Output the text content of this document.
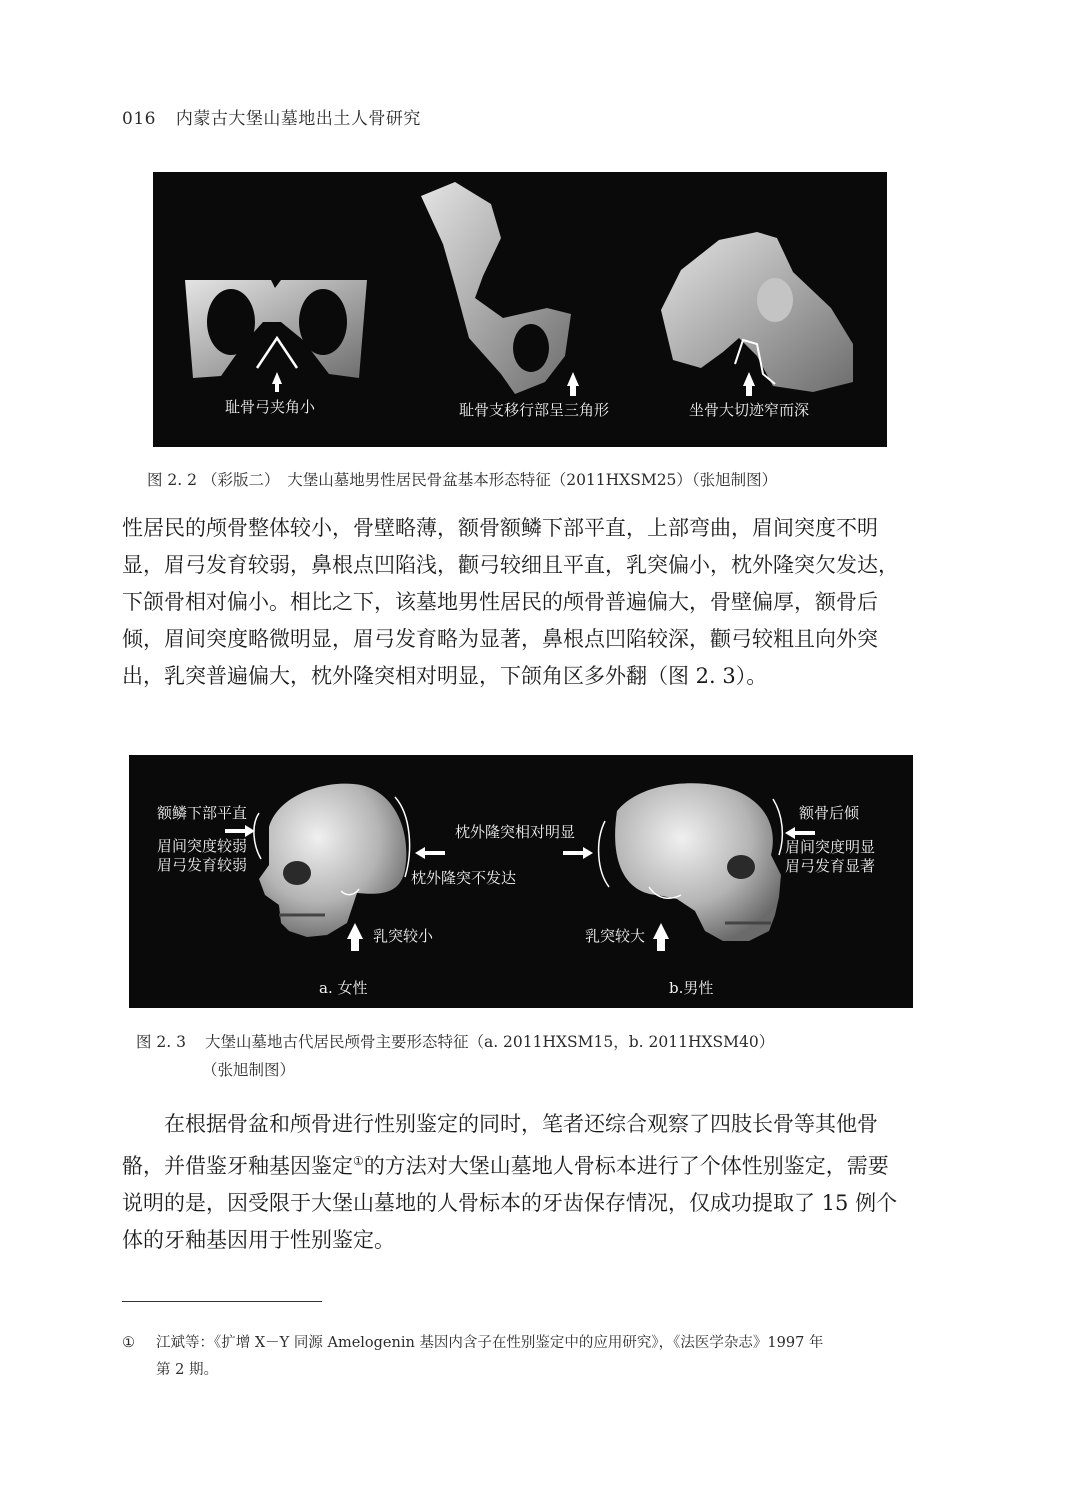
016 内蒙古大堡山墓地出土人骨研究
耻骨弓夹角小	耻骨支移行部呈三角形	坐骨大切迹窄而深
图 2. 2 （彩版二）　大堡山墓地男性居民骨盆基本形态特征（2011HXSM25）（张旭制图）
性居民的颅骨整体较小，骨壁略薄，额骨额鳞下部平直，上部弯曲，眉间突度不明
显，眉弓发育较弱，鼻根点凹陷浅，颧弓较细且平直，乳突偏小，枕外隆突欠发达，
下颌骨相对偏小。相比之下，该墓地男性居民的颅骨普遍偏大，骨壁偏厚，额骨后
倾，眉间突度略微明显，眉弓发育略为显著，鼻根点凹陷较深，颧弓较粗且向外突
出，乳突普遍偏大，枕外隆突相对明显，下颌角区多外翻（图 2. 3）。
额鳞下部平直
眉间突度较弱
眉弓发育较弱
枕外隆突不发达
乳突较小
枕外隆突相对明显
额骨后倾
眉间突度明显
眉弓发育显著
乳突较大
a. 女性	b.男性
图 2. 3 大堡山墓地古代居民颅骨主要形态特征（a. 2011HXSM15，b. 2011HXSM40）
（张旭制图）
在根据骨盆和颅骨进行性别鉴定的同时，笔者还综合观察了四肢长骨等其他骨
骼，并借鉴牙釉基因鉴定①的方法对大堡山墓地人骨标本进行了个体性别鉴定，需要
说明的是，因受限于大堡山墓地的人骨标本的牙齿保存情况，仅成功提取了 15 例个
体的牙釉基因用于性别鉴定。
① 江斌等：《扩增 X－Y 同源 Amelogenin 基因内含子在性别鉴定中的应用研究》，《法医学杂志》1997 年
第 2 期。
